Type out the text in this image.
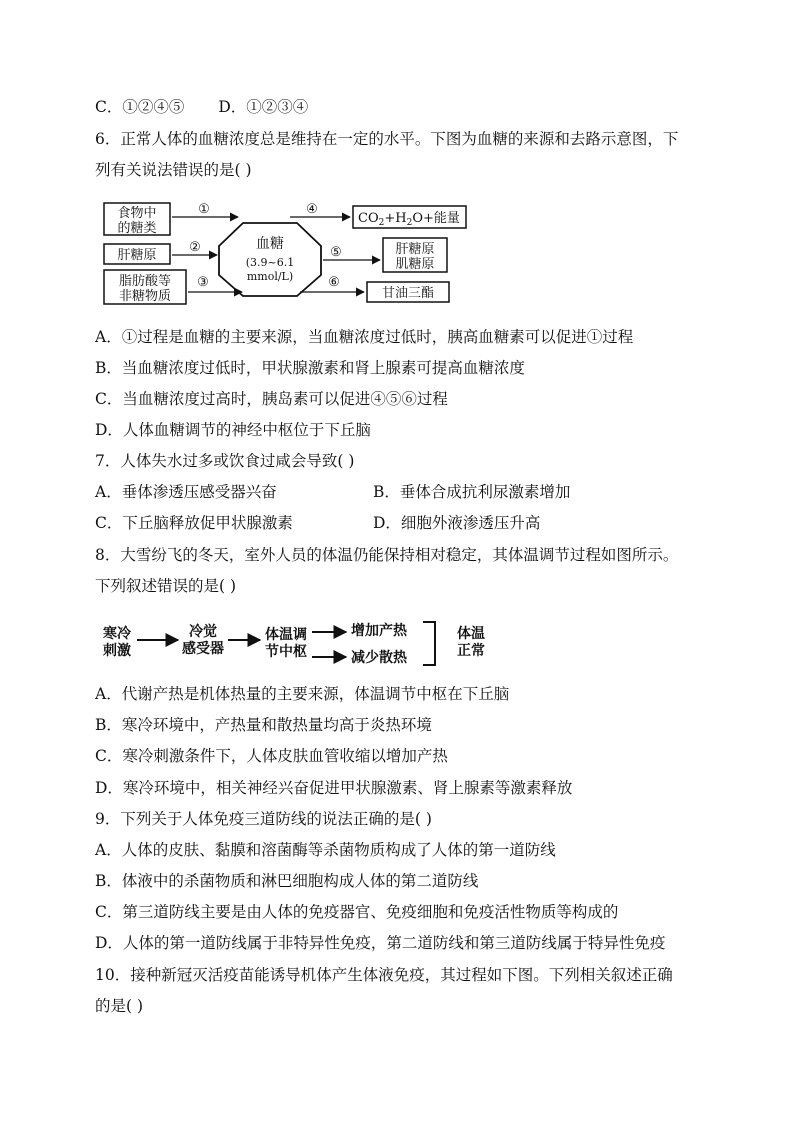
C．①②④⑤ D．①②③④
6．正常人体的血糖浓度总是维持在一定的水平。下图为血糖的来源和去路示意图，下
列有关说法错误的是( )
食物中
的糖类
肝糖原
脂肪酸等
非糖物质
血糖
(3.9~6.1
mmol/L)
①
②
③
④
⑤
⑥
$CO_2+H_2O+$能量
肝糖原
肌糖原
甘油三酯
A．①过程是血糖的主要来源，当血糖浓度过低时，胰高血糖素可以促进①过程
B．当血糖浓度过低时，甲状腺激素和肾上腺素可提高血糖浓度
C．当血糖浓度过高时，胰岛素可以促进④⑤⑥过程
D．人体血糖调节的神经中枢位于下丘脑
7．人体失水过多或饮食过咸会导致( )
A．垂体渗透压感受器兴奋	B．垂体合成抗利尿激素增加
C．下丘脑释放促甲状腺激素	D．细胞外液渗透压升高
8．大雪纷飞的冬天，室外人员的体温仍能保持相对稳定，其体温调节过程如图所示。
下列叙述错误的是( )
寒冷
刺激
冷觉
感受器
体温调
节中枢
增加产热
减少散热
体温
正常
A．代谢产热是机体热量的主要来源，体温调节中枢在下丘脑
B．寒冷环境中，产热量和散热量均高于炎热环境
C．寒冷刺激条件下，人体皮肤血管收缩以增加产热
D．寒冷环境中，相关神经兴奋促进甲状腺激素、肾上腺素等激素释放
9．下列关于人体免疫三道防线的说法正确的是( )
A．人体的皮肤、黏膜和溶菌酶等杀菌物质构成了人体的第一道防线
B．体液中的杀菌物质和淋巴细胞构成人体的第二道防线
C．第三道防线主要是由人体的免疫器官、免疫细胞和免疫活性物质等构成的
D．人体的第一道防线属于非特异性免疫，第二道防线和第三道防线属于特异性免疫
10．接种新冠灭活疫苗能诱导机体产生体液免疫，其过程如下图。下列相关叙述正确
的是( )
